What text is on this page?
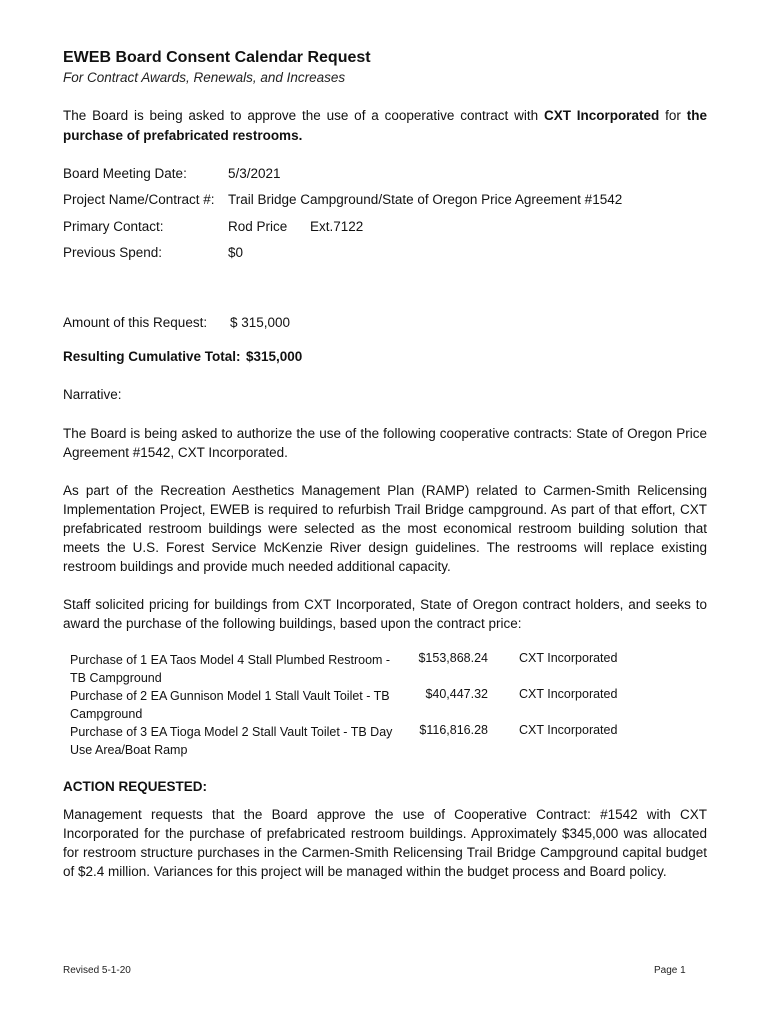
EWEB Board Consent Calendar Request
For Contract Awards, Renewals, and Increases
The Board is being asked to approve the use of a cooperative contract with CXT Incorporated for the purchase of prefabricated restrooms.
Board Meeting Date:	5/3/2021
Project Name/Contract #: Trail Bridge Campground/State of Oregon Price Agreement #1542
Primary Contact:	Rod Price Ext.7122
Previous Spend:	$0
Amount of this Request: $ 315,000
Resulting Cumulative Total: $315,000
Narrative:
The Board is being asked to authorize the use of the following cooperative contracts: State of Oregon Price Agreement #1542, CXT Incorporated.
As part of the Recreation Aesthetics Management Plan (RAMP) related to Carmen-Smith Relicensing Implementation Project, EWEB is required to refurbish Trail Bridge campground. As part of that effort, CXT prefabricated restroom buildings were selected as the most economical restroom building solution that meets the U.S. Forest Service McKenzie River design guidelines. The restrooms will replace existing restroom buildings and provide much needed additional capacity.
Staff solicited pricing for buildings from CXT Incorporated, State of Oregon contract holders, and seeks to award the purchase of the following buildings, based upon the contract price:
Purchase of 1 EA Taos Model 4 Stall Plumbed Restroom - TB Campground
$153,868.24 CXT Incorporated
Purchase of 2 EA Gunnison Model 1 Stall Vault Toilet - TB Campground
$40,447.32 CXT Incorporated
Purchase of 3 EA Tioga Model 2 Stall Vault Toilet - TB Day Use Area/Boat Ramp
$116,816.28 CXT Incorporated
ACTION REQUESTED:
Management requests that the Board approve the use of Cooperative Contract: #1542 with CXT Incorporated for the purchase of prefabricated restroom buildings. Approximately $345,000 was allocated for restroom structure purchases in the Carmen-Smith Relicensing Trail Bridge Campground capital budget of $2.4 million. Variances for this project will be managed within the budget process and Board policy.
Revised 5-1-20	Page 1
